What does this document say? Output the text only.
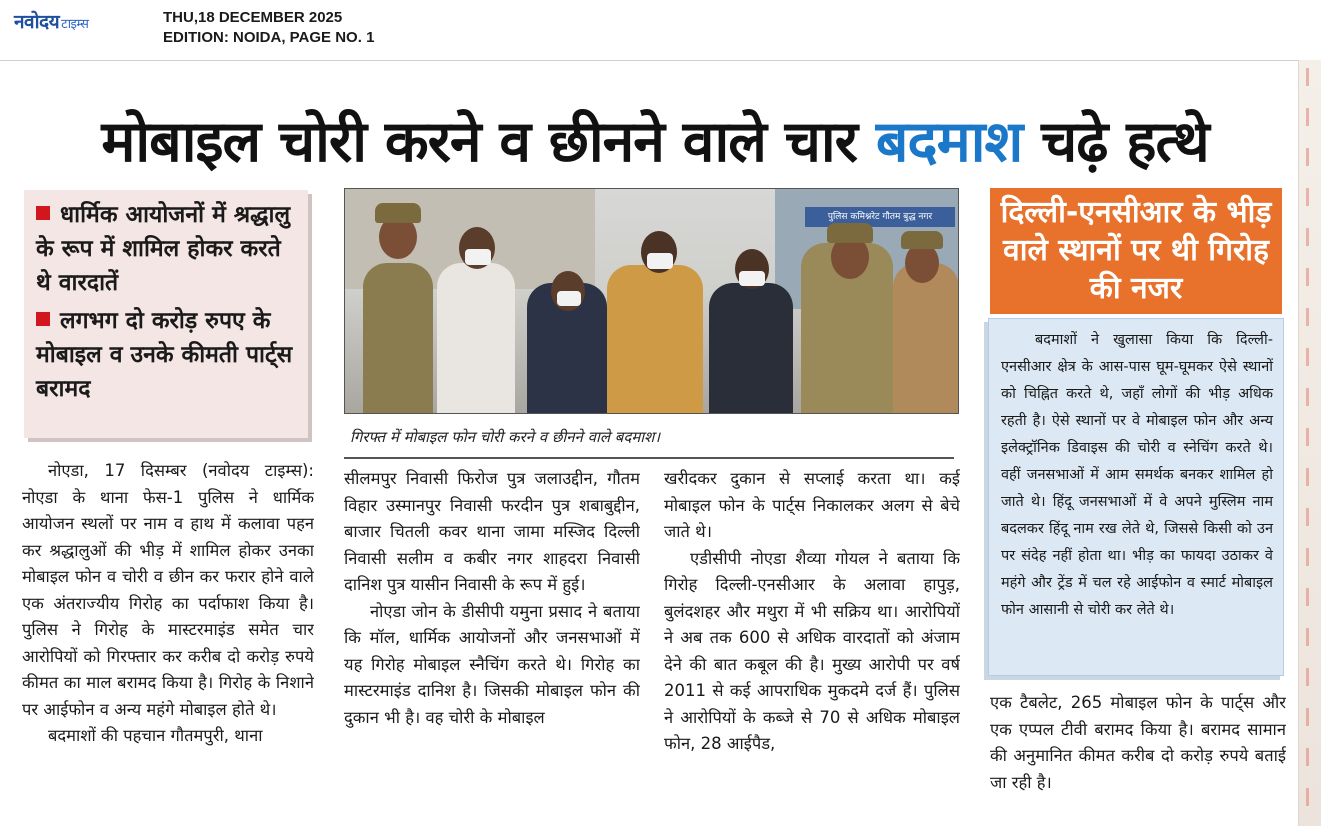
नवोदय टाइम्स	THU,18 DECEMBER 2025
EDITION: NOIDA, PAGE NO. 1
मोबाइल चोरी करने व छीनने वाले चार बदमाश चढ़े हत्थे
धार्मिक आयोजनों में श्रद्धालु के रूप में शामिल होकर करते थे वारदातें
लगभग दो करोड़ रुपए के मोबाइल व उनके कीमती पार्ट्स बरामद
पुलिस कमिश्नरेट गौतम बुद्ध नगर
गिरफ्त में मोबाइल फोन चोरी करने व छीनने वाले बदमाश।
दिल्ली-एनसीआर के भीड़ वाले स्थानों पर थी गिरोह की नजर

बदमाशों ने खुलासा किया कि दिल्ली-एनसीआर क्षेत्र के आस-पास घूम-घूमकर ऐसे स्थानों को चिह्नित करते थे, जहाँ लोगों की भीड़ अधिक रहती है। ऐसे स्थानों पर वे मोबाइल फोन और अन्य इलेक्ट्रॉनिक डिवाइस की चोरी व स्नेचिंग करते थे। वहीं जनसभाओं में आम समर्थक बनकर शामिल हो जाते थे। हिंदू जनसभाओं में वे अपने मुस्लिम नाम बदलकर हिंदू नाम रख लेते थे, जिससे किसी को उन पर संदेह नहीं होता था। भीड़ का फायदा उठाकर वे महंगे और ट्रेंड में चल रहे आईफोन व स्मार्ट मोबाइल फोन आसानी से चोरी कर लेते थे।

नोएडा, 17 दिसम्बर (नवोदय टाइम्स): नोएडा के थाना फेस-1 पुलिस ने धार्मिक आयोजन स्थलों पर नाम व हाथ में कलावा पहन कर श्रद्धालुओं की भीड़ में शामिल होकर उनका मोबाइल फोन व चोरी व छीन कर फरार होने वाले एक अंतराज्यीय गिरोह का पर्दाफाश किया है। पुलिस ने गिरोह के मास्टरमाइंड समेत चार आरोपियों को गिरफ्तार कर करीब दो करोड़ रुपये कीमत का माल बरामद किया है। गिरोह के निशाने पर आईफोन व अन्य महंगे मोबाइल होते थे।

बदमाशों की पहचान गौतमपुरी, थाना

सीलमपुर निवासी फिरोज पुत्र जलाउद्दीन, गौतम विहार उस्मानपुर निवासी फरदीन पुत्र शबाबुद्दीन, बाजार चितली कवर थाना जामा मस्जिद दिल्ली निवासी सलीम व कबीर नगर शाहदरा निवासी दानिश पुत्र यासीन निवासी के रूप में हुई।

नोएडा जोन के डीसीपी यमुना प्रसाद ने बताया कि मॉल, धार्मिक आयोजनों और जनसभाओं में यह गिरोह मोबाइल स्नैचिंग करते थे। गिरोह का मास्टरमाइंड दानिश है। जिसकी मोबाइल फोन की दुकान भी है। वह चोरी के मोबाइल

खरीदकर दुकान से सप्लाई करता था। कई मोबाइल फोन के पार्ट्स निकालकर अलग से बेचे जाते थे।

एडीसीपी नोएडा शैव्या गोयल ने बताया कि गिरोह दिल्ली-एनसीआर के अलावा हापुड़, बुलंदशहर और मथुरा में भी सक्रिय था। आरोपियों ने अब तक 600 से अधिक वारदातों को अंजाम देने की बात कबूल की है। मुख्य आरोपी पर वर्ष 2011 से कई आपराधिक मुकदमे दर्ज हैं। पुलिस ने आरोपियों के कब्जे से 70 से अधिक मोबाइल फोन, 28 आईपैड,

एक टैबलेट, 265 मोबाइल फोन के पार्ट्स और एक एप्पल टीवी बरामद किया है। बरामद सामान की अनुमानित कीमत करीब दो करोड़ रुपये बताई जा रही है।
